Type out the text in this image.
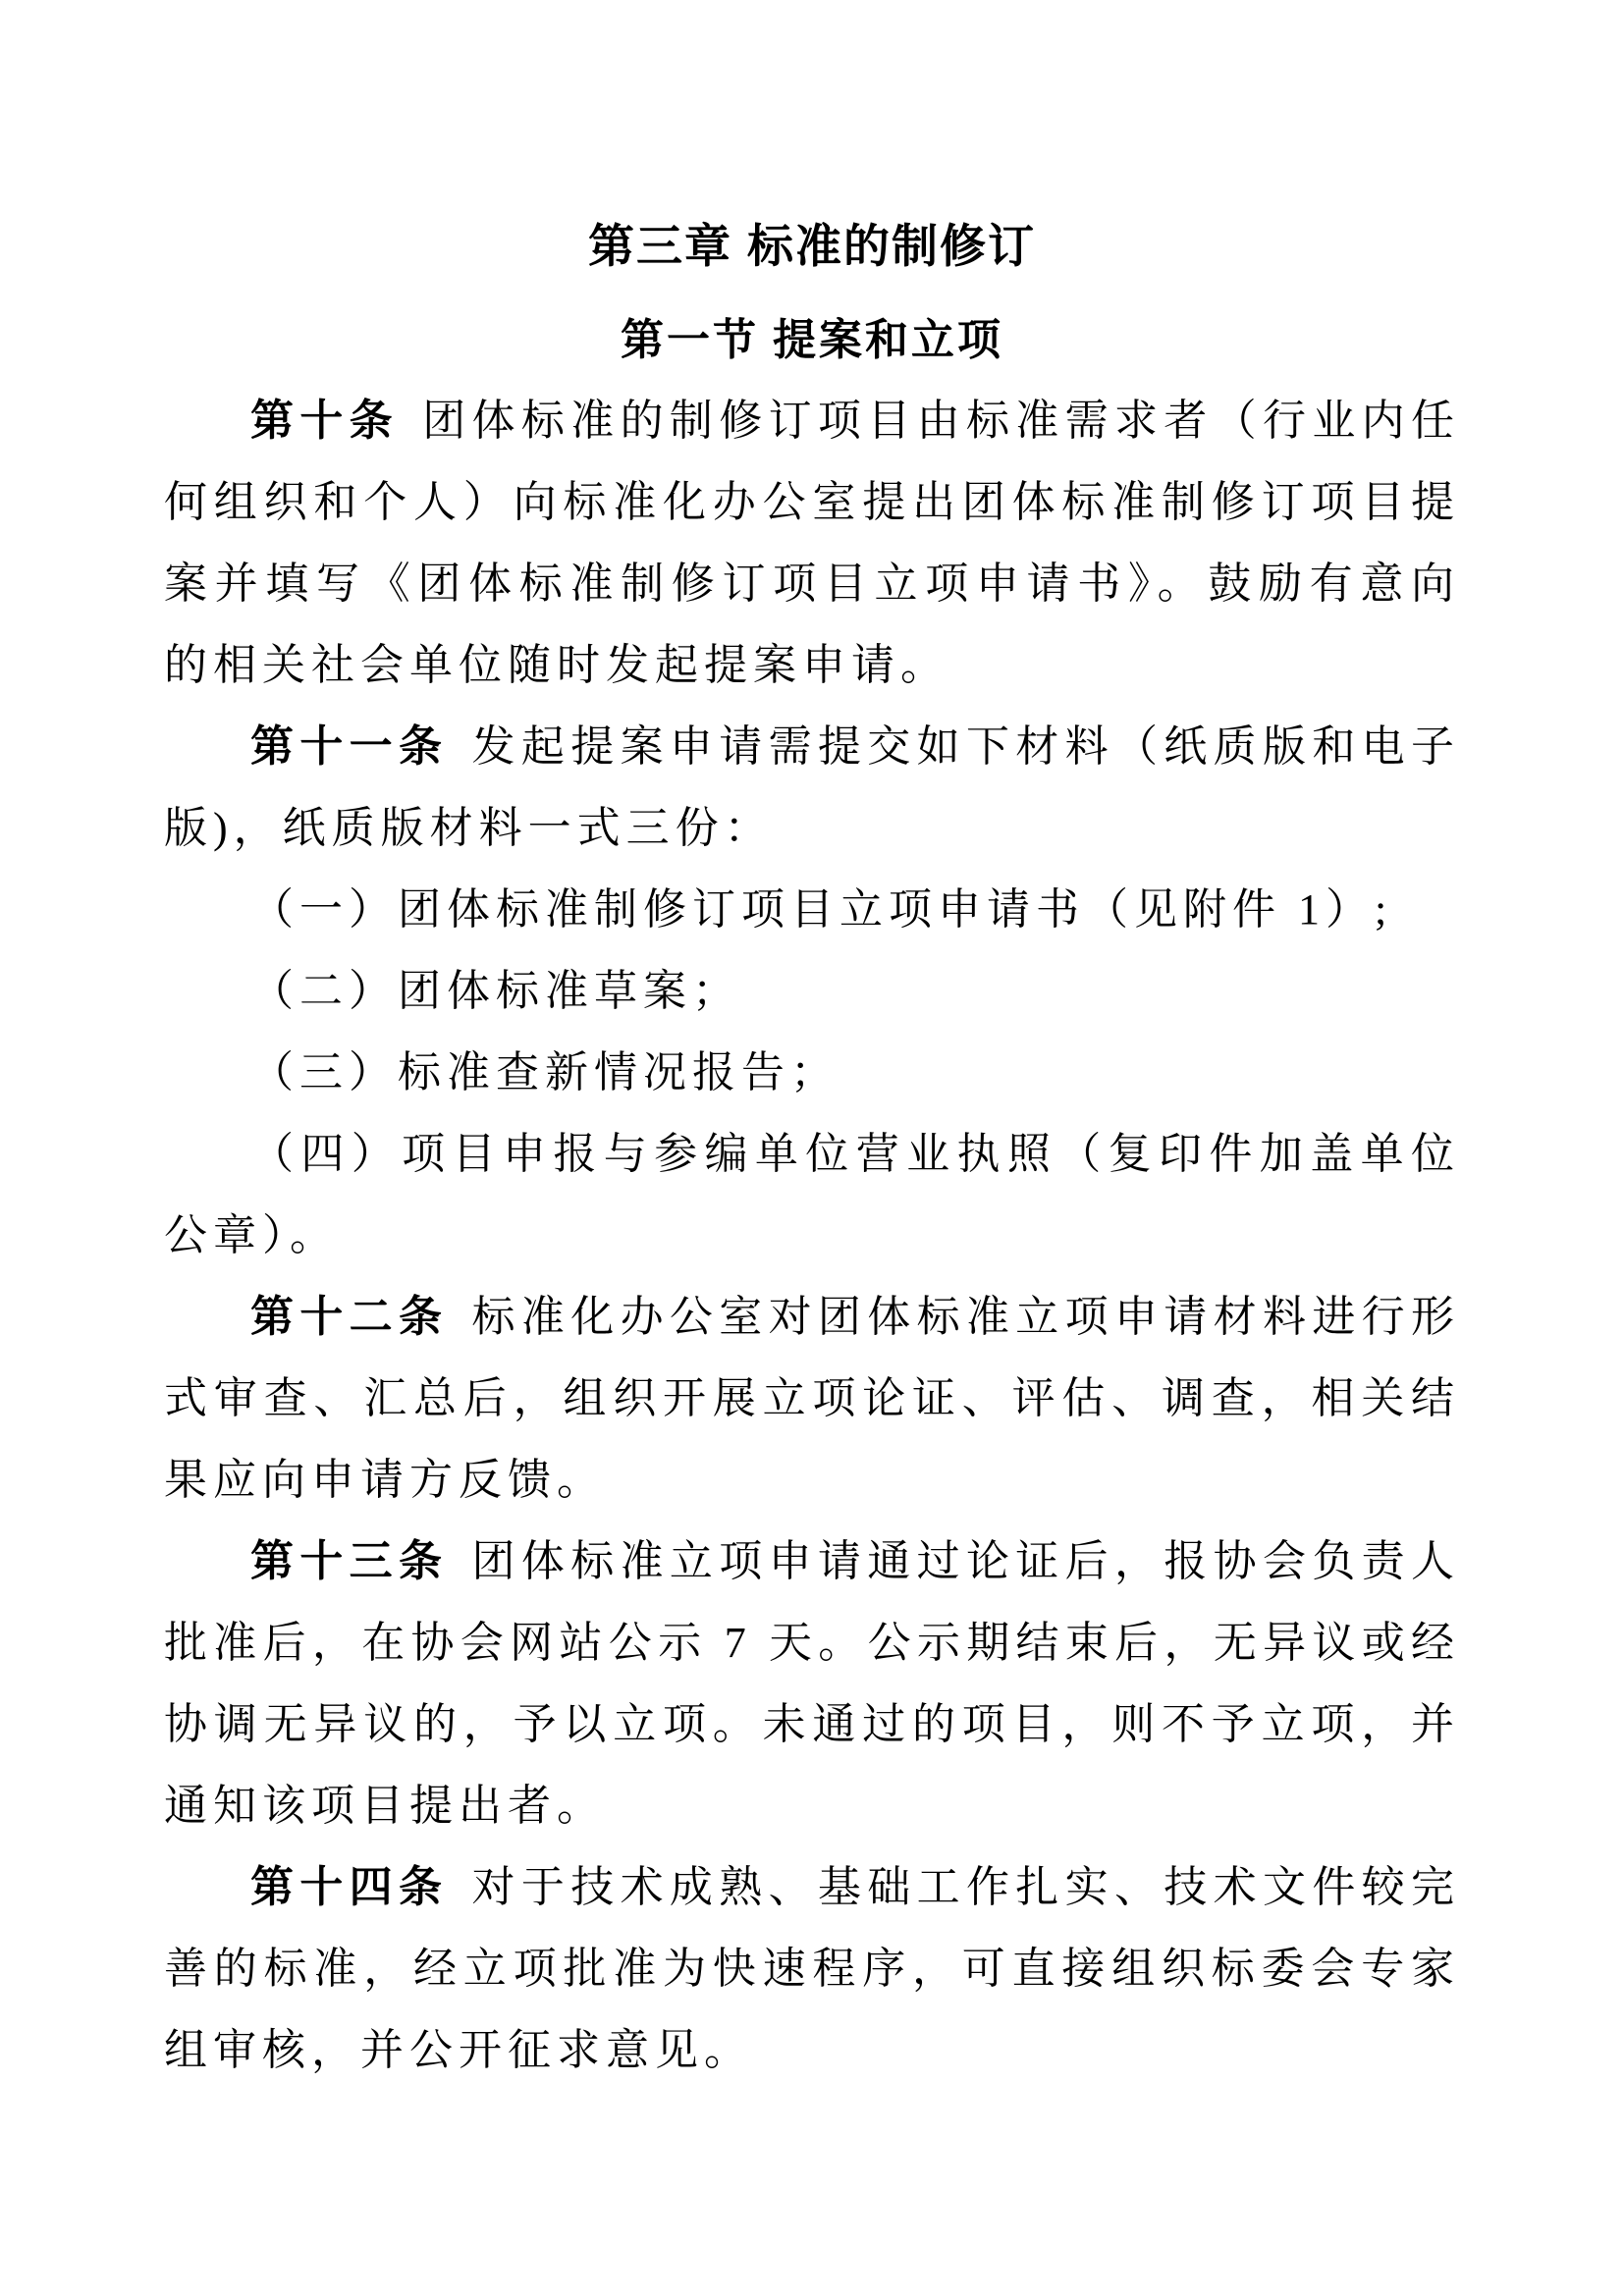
第三章 标准的制修订
第一节 提案和立项

第十条 团体标准的制修订项目由标准需求者（行业内任何组织和个人）向标准化办公室提出团体标准制修订项目提案并填写《团体标准制修订项目立项申请书》。鼓励有意向的相关社会单位随时发起提案申请。

第十一条 发起提案申请需提交如下材料（纸质版和电子版)，纸质版材料一式三份：

（一）团体标准制修订项目立项申请书（见附件 1）;

（二）团体标准草案；

（三）标准查新情况报告；

（四）项目申报与参编单位营业执照（复印件加盖单位公章）。

第十二条 标准化办公室对团体标准立项申请材料进行形式审查、汇总后，组织开展立项论证、评估、调查，相关结果应向申请方反馈。

第十三条 团体标准立项申请通过论证后，报协会负责人批准后，在协会网站公示 7 天。公示期结束后，无异议或经协调无异议的，予以立项。未通过的项目，则不予立项，并通知该项目提出者。

第十四条 对于技术成熟、基础工作扎实、技术文件较完善的标准，经立项批准为快速程序，可直接组织标委会专家组审核，并公开征求意见。
